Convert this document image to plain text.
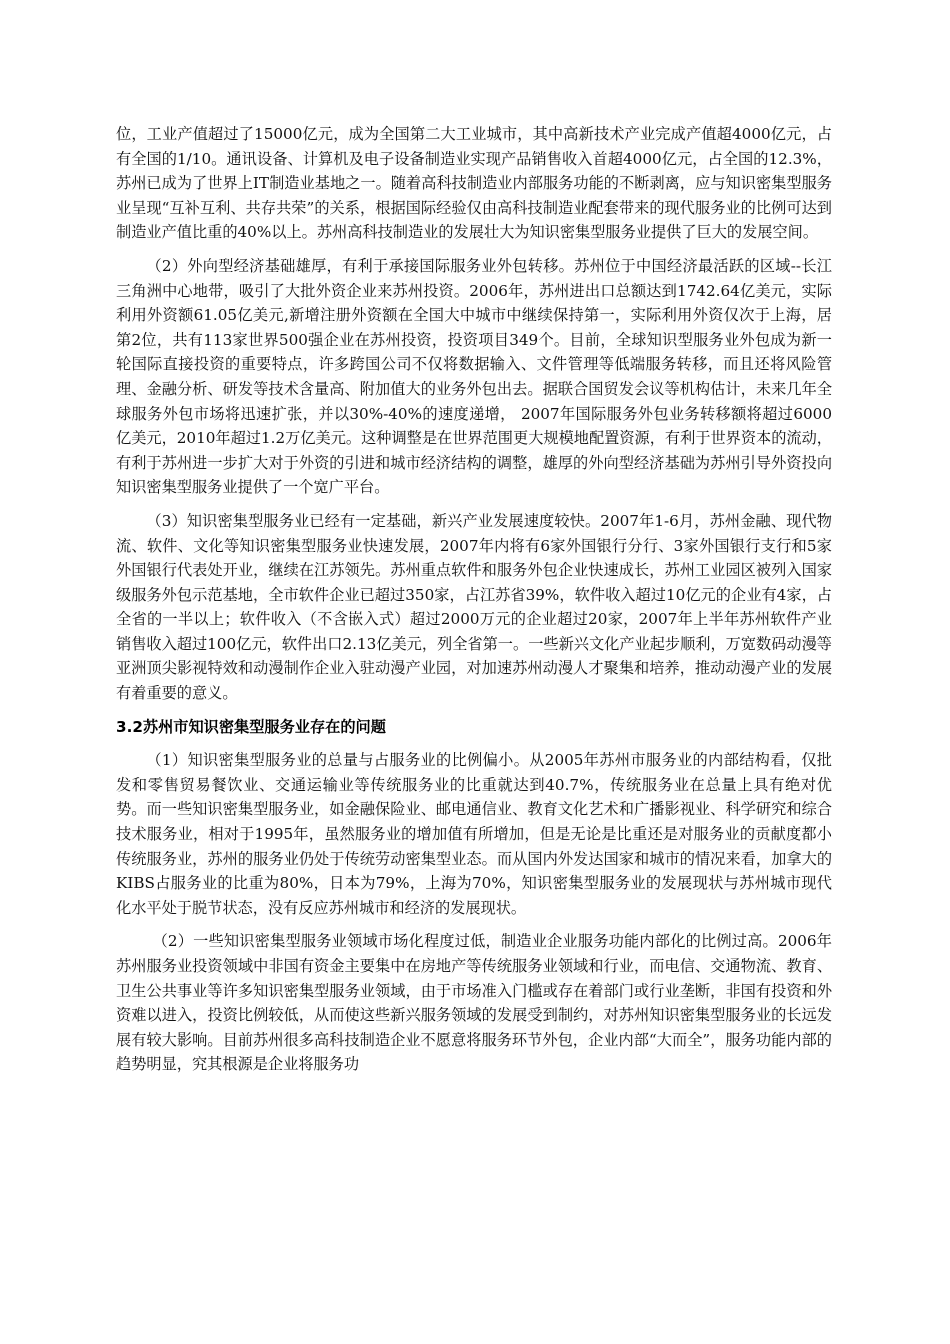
位，工业产值超过了15000亿元，成为全国第二大工业城市，其中高新技术产业完成产值超4000亿元，占有全国的1/10。通讯设备、计算机及电子设备制造业实现产品销售收入首超4000亿元，占全国的12.3%，苏州已成为了世界上IT制造业基地之一。随着高科技制造业内部服务功能的不断剥离，应与知识密集型服务业呈现“互补互利、共存共荣”的关系，根据国际经验仅由高科技制造业配套带来的现代服务业的比例可达到制造业产值比重的40%以上。苏州高科技制造业的发展壮大为知识密集型服务业提供了巨大的发展空间。

（2）外向型经济基础雄厚，有利于承接国际服务业外包转移。苏州位于中国经济最活跃的区域--长江三角洲中心地带，吸引了大批外资企业来苏州投资。2006年，苏州进出口总额达到1742.64亿美元，实际利用外资额61.05亿美元,新增注册外资额在全国大中城市中继续保持第一，实际利用外资仅次于上海，居第2位，共有113家世界500强企业在苏州投资，投资项目349个。目前，全球知识型服务业外包成为新一轮国际直接投资的重要特点，许多跨国公司不仅将数据输入、文件管理等低端服务转移，而且还将风险管理、金融分析、研发等技术含量高、附加值大的业务外包出去。据联合国贸发会议等机构估计，未来几年全球服务外包市场将迅速扩张，并以30%-40%的速度递增， 2007年国际服务外包业务转移额将超过6000亿美元，2010年超过1.2万亿美元。这种调整是在世界范围更大规模地配置资源，有利于世界资本的流动，有利于苏州进一步扩大对于外资的引进和城市经济结构的调整，雄厚的外向型经济基础为苏州引导外资投向知识密集型服务业提供了一个宽广平台。

（3）知识密集型服务业已经有一定基础，新兴产业发展速度较快。2007年1-6月，苏州金融、现代物流、软件、文化等知识密集型服务业快速发展，2007年内将有6家外国银行分行、3家外国银行支行和5家外国银行代表处开业，继续在江苏领先。苏州重点软件和服务外包企业快速成长，苏州工业园区被列入国家级服务外包示范基地，全市软件企业已超过350家，占江苏省39%，软件收入超过10亿元的企业有4家，占全省的一半以上；软件收入（不含嵌入式）超过2000万元的企业超过20家，2007年上半年苏州软件产业销售收入超过100亿元，软件出口2.13亿美元，列全省第一。一些新兴文化产业起步顺利，万宽数码动漫等亚洲顶尖影视特效和动漫制作企业入驻动漫产业园，对加速苏州动漫人才聚集和培养，推动动漫产业的发展有着重要的意义。

3.2苏州市知识密集型服务业存在的问题

（1）知识密集型服务业的总量与占服务业的比例偏小。从2005年苏州市服务业的内部结构看，仅批发和零售贸易餐饮业、交通运输业等传统服务业的比重就达到40.7%，传统服务业在总量上具有绝对优势。而一些知识密集型服务业，如金融保险业、邮电通信业、教育文化艺术和广播影视业、科学研究和综合技术服务业，相对于1995年，虽然服务业的增加值有所增加，但是无论是比重还是对服务业的贡献度都小传统服务业，苏州的服务业仍处于传统劳动密集型业态。而从国内外发达国家和城市的情况来看，加拿大的KIBS占服务业的比重为80%，日本为79%，上海为70%，知识密集型服务业的发展现状与苏州城市现代化水平处于脱节状态，没有反应苏州城市和经济的发展现状。

（2）一些知识密集型服务业领域市场化程度过低，制造业企业服务功能内部化的比例过高。2006年苏州服务业投资领域中非国有资金主要集中在房地产等传统服务业领域和行业，而电信、交通物流、教育、卫生公共事业等许多知识密集型服务业领域，由于市场准入门槛或存在着部门或行业垄断，非国有投资和外资难以进入，投资比例较低，从而使这些新兴服务领域的发展受到制约，对苏州知识密集型服务业的长远发展有较大影响。目前苏州很多高科技制造企业不愿意将服务环节外包，企业内部“大而全”，服务功能内部的趋势明显，究其根源是企业将服务功
